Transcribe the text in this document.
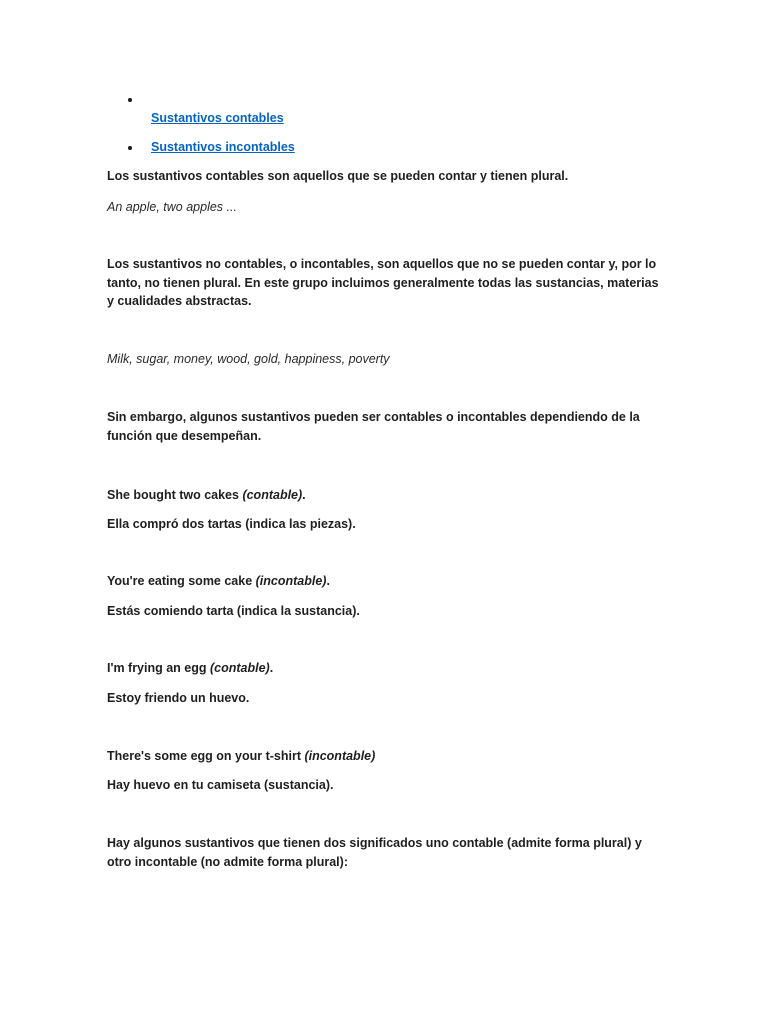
Sustantivos contables
Sustantivos incontables

Los sustantivos contables son aquellos que se pueden contar y tienen plural.

An apple, two apples ...

Los sustantivos no contables, o incontables, son aquellos que no se pueden contar y, por lo tanto, no tienen plural. En este grupo incluimos generalmente todas las sustancias, materias y cualidades abstractas.

Milk, sugar, money, wood, gold, happiness, poverty

Sin embargo, algunos sustantivos pueden ser contables o incontables dependiendo de la función que desempeñan.

She bought two cakes (contable).

Ella compró dos tartas (indica las piezas).

You're eating some cake (incontable).

Estás comiendo tarta (indica la sustancia).

I'm frying an egg (contable).

Estoy friendo un huevo.

There's some egg on your t-shirt (incontable)

Hay huevo en tu camiseta (sustancia).

Hay algunos sustantivos que tienen dos significados uno contable (admite forma plural) y otro incontable (no admite forma plural):
